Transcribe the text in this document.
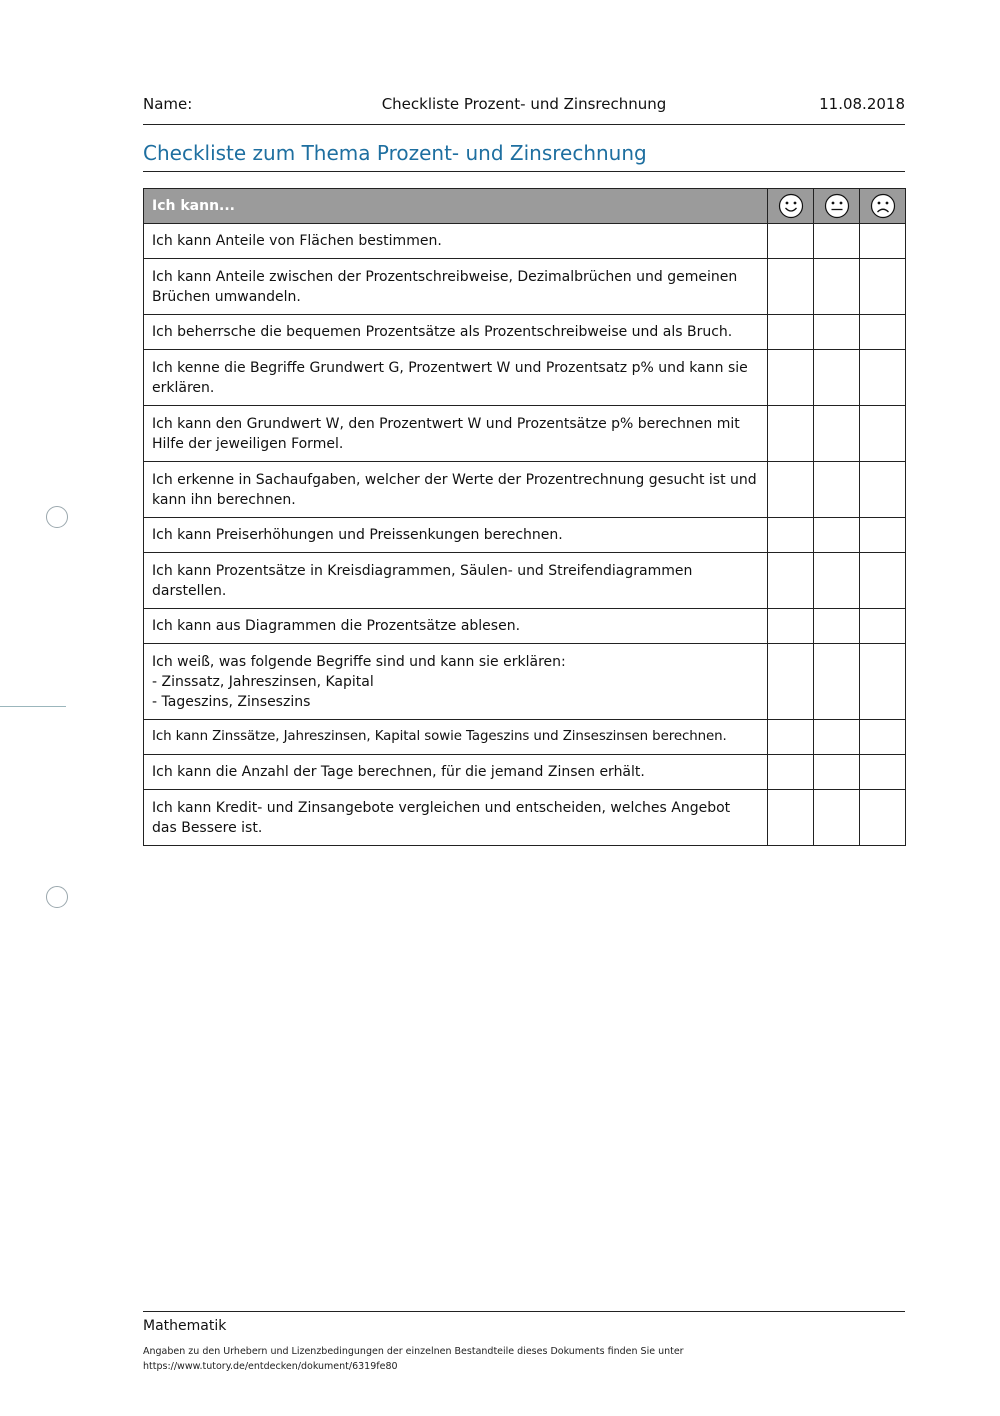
Checkliste Prozent- und Zinsrechnung
Name:	11.08.2018
Checkliste zum Thema Prozent- und Zinsrechnung
Ich kann...	

Ich kann Anteile von Flächen bestimmen.			
Ich kann Anteile zwischen der Prozentschreibweise, Dezimalbrüchen und gemeinen Brüchen umwandeln.			
Ich beherrsche die bequemen Prozentsätze als Prozentschreibweise und als Bruch.			
Ich kenne die Begriffe Grundwert G, Prozentwert W und Prozentsatz p% und kann sie erklären.			
Ich kann den Grundwert W, den Prozentwert W und Prozentsätze p% berechnen mit Hilfe der jeweiligen Formel.			
Ich erkenne in Sachaufgaben, welcher der Werte der Prozentrechnung gesucht ist und kann ihn berechnen.			
Ich kann Preiserhöhungen und Preissenkungen berechnen.			
Ich kann Prozentsätze in Kreisdiagrammen, Säulen- und Streifendiagrammen darstellen.			
Ich kann aus Diagrammen die Prozentsätze ablesen.			
Ich weiß, was folgende Begriffe sind und kann sie erklären:
- Zinssatz, Jahreszinsen, Kapital
- Tageszins, Zinseszins			
Ich kann Zinssätze, Jahreszinsen, Kapital sowie Tageszins und Zinseszinsen berechnen.			
Ich kann die Anzahl der Tage berechnen, für die jemand Zinsen erhält.			
Ich kann Kredit- und Zinsangebote vergleichen und entscheiden, welches Angebot das Bessere ist.			
Mathematik
Angaben zu den Urhebern und Lizenzbedingungen der einzelnen Bestandteile dieses Dokuments finden Sie unter
https://www.tutory.de/entdecken/dokument/6319fe80
